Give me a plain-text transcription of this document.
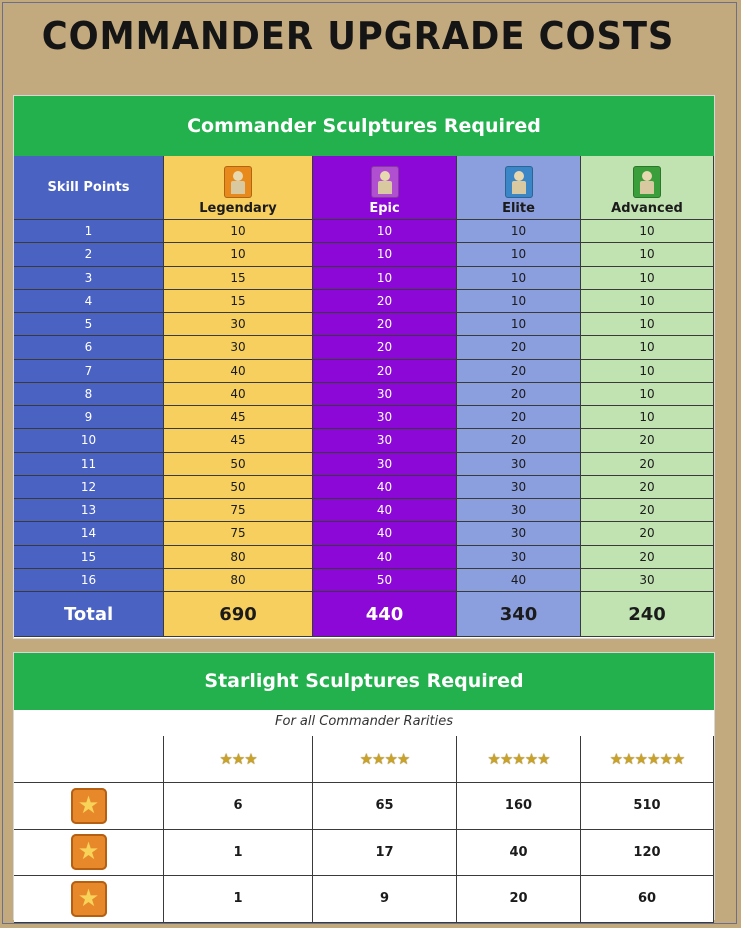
COMMANDER UPGRADE COSTS
Commander Sculptures Required
Skill Points
Legendary	Epic	Elite	Advanced
1	10	10	10	10
2	10	10	10	10
3	15	10	10	10
4	15	20	10	10
5	30	20	10	10
6	30	20	20	10
7	40	20	20	10
8	40	30	20	10
9	45	30	20	10
10	45	30	20	20
11	50	30	30	20
12	50	40	30	20
13	75	40	30	20
14	75	40	30	20
15	80	40	30	20
16	80	50	40	30
Total	690	440	340	240
Starlight Sculptures Required
For all Commander Rarities
★★★	★★★★	★★★★★	★★★★★★
★
6	65	160	510
★
1	17	40	120
★
1	9	20	60
